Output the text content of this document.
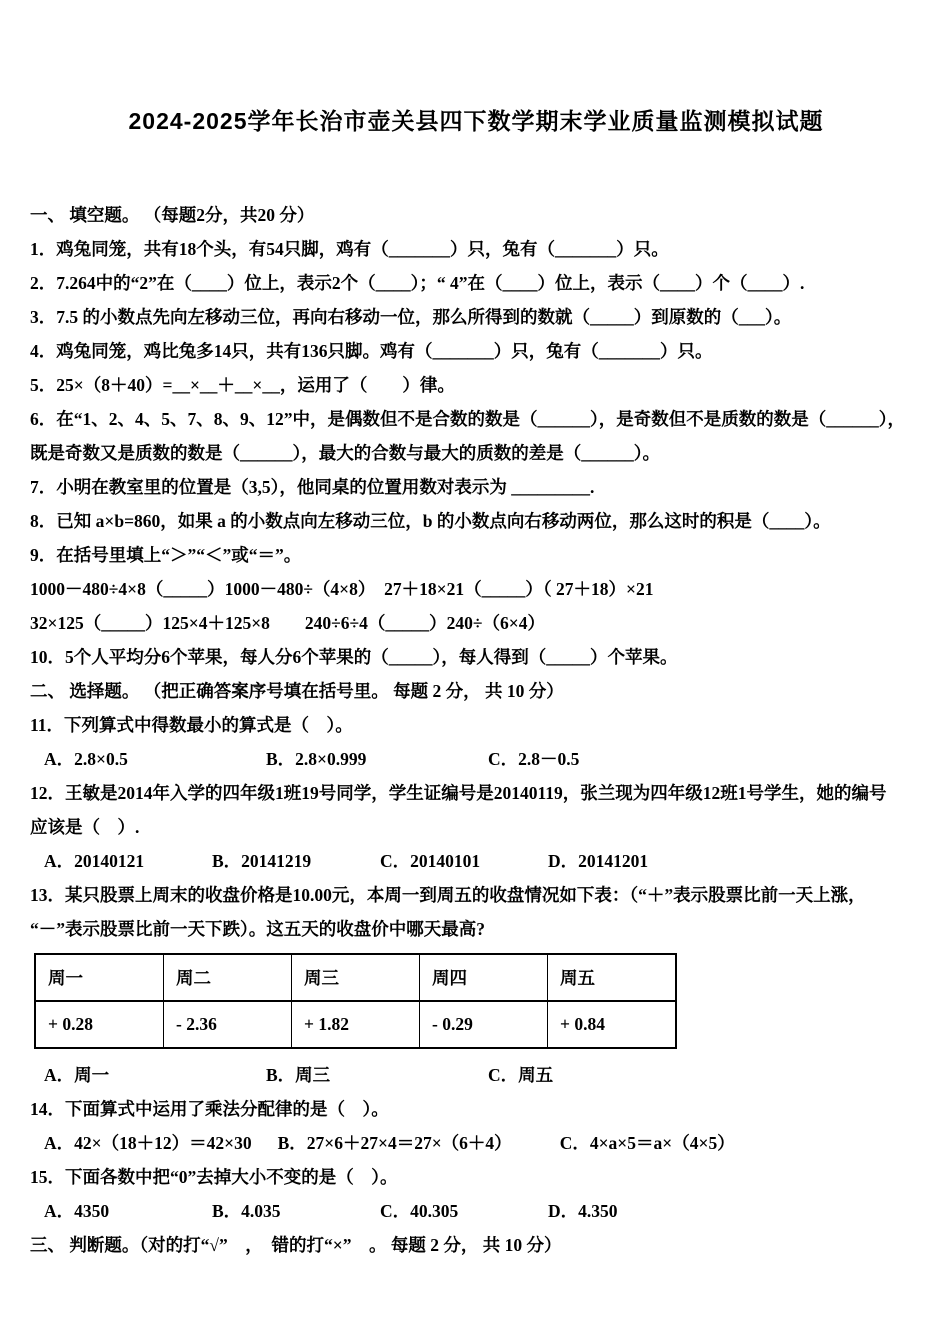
2024-2025学年长治市壶关县四下数学期末学业质量监测模拟试题

一、 填空题。 （每题2分，共20 分）

1．鸡兔同笼，共有18个头，有54只脚，鸡有（_______）只，兔有（_______）只。

2．7.264中的“2”在（____）位上，表示2个（____）；“ 4”在（____）位上，表示（____）个（____）.

3．7.5 的小数点先向左移动三位，再向右移动一位，那么所得到的数就（_____）到原数的（___）。

4．鸡兔同笼，鸡比兔多14只，共有136只脚。鸡有（_______）只，兔有（_______）只。

5．25×（8＋40）=__×__＋__×__，运用了（　　）律。

6．在“1、2、4、5、7、8、9、12”中，是偶数但不是合数的数是（______），是奇数但不是质数的数是（______），

既是奇数又是质数的数是（______），最大的合数与最大的质数的差是（______）。

7．小明在教室里的位置是（3,5），他同桌的位置用数对表示为 _________.

8．已知 a×b=860，如果 a 的小数点向左移动三位，b 的小数点向右移动两位，那么这时的积是（____）。

9．在括号里填上“＞”“＜”或“＝”。

1000－480÷4×8（_____）1000－480÷（4×8）　27＋18×21（_____）（ 27＋18）×21

32×125（_____）125×4＋125×8　　240÷6÷4（_____）240÷（6×4）

10．5个人平均分6个苹果，每人分6个苹果的（_____），每人得到（_____）个苹果。

二、 选择题。 （把正确答案序号填在括号里。 每题 2 分， 共 10 分）

11．下列算式中得数最小的算式是（　）。

A．2.8×0.5	B．2.8×0.999	C．2.8－0.5

12．王敏是2014年入学的四年级1班19号同学，学生证编号是20140119，张兰现为四年级12班1号学生，她的编号

应该是（　）.

A．20140121	B．20141219	C．20140101	D．20141201

13．某只股票上周末的收盘价格是10.00元，本周一到周五的收盘情况如下表：（“＋”表示股票比前一天上涨，

“－”表示股票比前一天下跌）。这五天的收盘价中哪天最高?

周一	周二	周三	周四	周五
+ 0.28	- 2.36	+ 1.82	- 0.29	+ 0.84

A．周一	B．周三	C．周五

14．下面算式中运用了乘法分配律的是（　）。

A．42×（18＋12）＝42×30 B．27×6＋27×4＝27×（6＋4）	C．4×a×5＝a×（4×5）

15．下面各数中把“0”去掉大小不变的是（　）。

A．4350	B．4.035	C．40.305	D．4.350

三、 判断题。（对的打“√”　，　错的打“×”　。 每题 2 分， 共 10 分）
